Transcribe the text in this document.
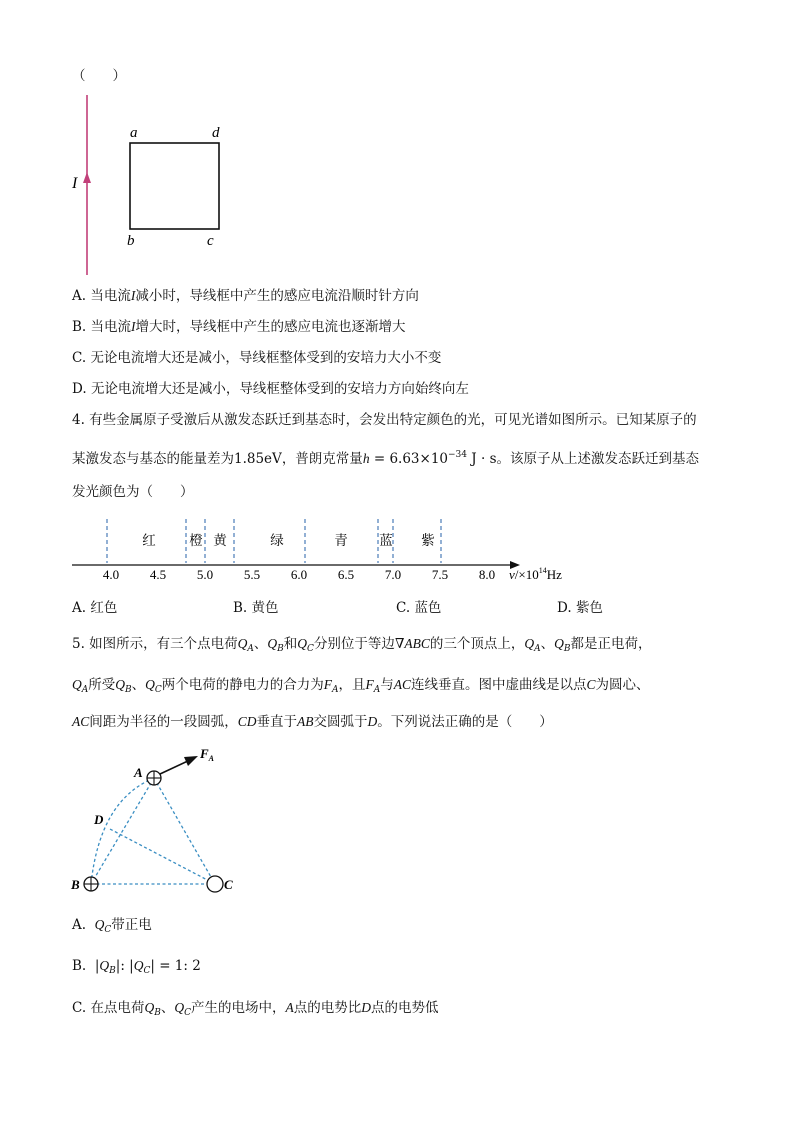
（　　）
I
a	d
b	c
A. 当电流I减小时，导线框中产生的感应电流沿顺时针方向
B. 当电流I增大时，导线框中产生的感应电流也逐渐增大
C. 无论电流增大还是减小，导线框整体受到的安培力大小不变
D. 无论电流增大还是减小，导线框整体受到的安培力方向始终向左
4. 有些金属原子受激后从激发态跃迁到基态时，会发出特定颜色的光，可见光谱如图所示。已知某原子的
某激发态与基态的能量差为1.85eV，普朗克常量$h = 6.63\times 10^{-34}$ J · s。该原子从上述激发态跃迁到基态
发光颜色为（　　）
红 橙 黄	绿	青 蓝 紫
4.0 4.5 5.0 5.5 6.0 6.5 7.0 7.5 8.0 $\nu/\times 10^{14}Hz$
A. 红色	B. 黄色	C. 蓝色	D. 紫色
5. 如图所示，有三个点电荷$Q_A$、$Q_B$和$Q_C$分别位于等边∇ABC的三个顶点上，$Q_A$、$Q_B$都是正电荷，
$Q_A$所受$Q_B$、$Q_C$两个电荷的静电力的合力为$F_A$，且$F_A$与AC连线垂直。图中虚曲线是以点C为圆心、
AC间距为半径的一段圆弧，CD垂直于AB交圆弧于D。下列说法正确的是（　　）
A
B	C
D
$F_A$
A. $Q_C$带正电
B. $|Q_B|$: $|Q_C| = 1$: 2
C. 在点电荷$Q_B$、$Q_C$产生的电场中，A点的电势比D点的电势低
